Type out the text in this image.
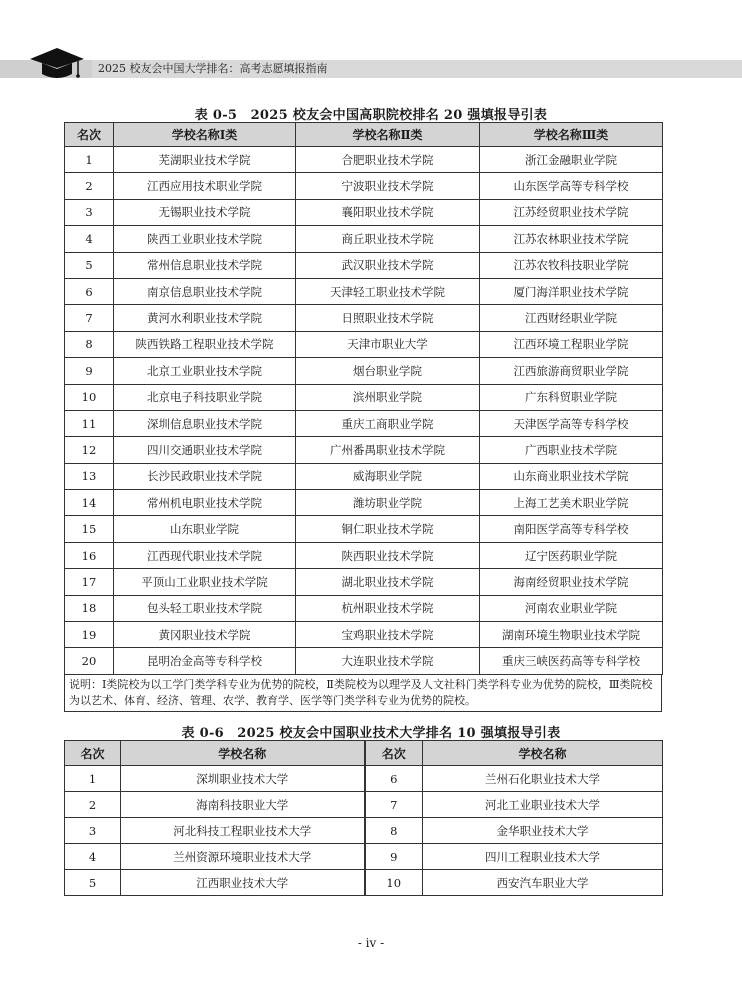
2025 校友会中国大学排名：高考志愿填报指南
表 0-5　2025 校友会中国高职院校排名 20 强填报导引表
名次	学校名称Ⅰ类	学校名称Ⅱ类	学校名称Ⅲ类
1	芜湖职业技术学院	合肥职业技术学院	浙江金融职业学院
2	江西应用技术职业学院	宁波职业技术学院	山东医学高等专科学校
3	无锡职业技术学院	襄阳职业技术学院	江苏经贸职业技术学院
4	陕西工业职业技术学院	商丘职业技术学院	江苏农林职业技术学院
5	常州信息职业技术学院	武汉职业技术学院	江苏农牧科技职业学院
6	南京信息职业技术学院	天津轻工职业技术学院	厦门海洋职业技术学院
7	黄河水利职业技术学院	日照职业技术学院	江西财经职业学院
8	陕西铁路工程职业技术学院	天津市职业大学	江西环境工程职业学院
9	北京工业职业技术学院	烟台职业学院	江西旅游商贸职业学院
10	北京电子科技职业学院	滨州职业学院	广东科贸职业学院
11	深圳信息职业技术学院	重庆工商职业学院	天津医学高等专科学校
12	四川交通职业技术学院	广州番禺职业技术学院	广西职业技术学院
13	长沙民政职业技术学院	威海职业学院	山东商业职业技术学院
14	常州机电职业技术学院	潍坊职业学院	上海工艺美术职业学院
15	山东职业学院	铜仁职业技术学院	南阳医学高等专科学校
16	江西现代职业技术学院	陕西职业技术学院	辽宁医药职业学院
17	平顶山工业职业技术学院	湖北职业技术学院	海南经贸职业技术学院
18	包头轻工职业技术学院	杭州职业技术学院	河南农业职业学院
19	黄冈职业技术学院	宝鸡职业技术学院	湖南环境生物职业技术学院
20	昆明冶金高等专科学校	大连职业技术学院	重庆三峡医药高等专科学校
说明：Ⅰ类院校为以工学门类学科专业为优势的院校，Ⅱ类院校为以理学及人文社科门类学科专业为优势的院校，Ⅲ类院校为以艺术、体育、经济、管理、农学、教育学、医学等门类学科专业为优势的院校。
表 0-6　2025 校友会中国职业技术大学排名 10 强填报导引表
名次	学校名称	名次	学校名称
1	深圳职业技术大学	6	兰州石化职业技术大学
2	海南科技职业大学	7	河北工业职业技术大学
3	河北科技工程职业技术大学	8	金华职业技术大学
4	兰州资源环境职业技术大学	9	四川工程职业技术大学
5	江西职业技术大学	10	西安汽车职业大学
- iv -
